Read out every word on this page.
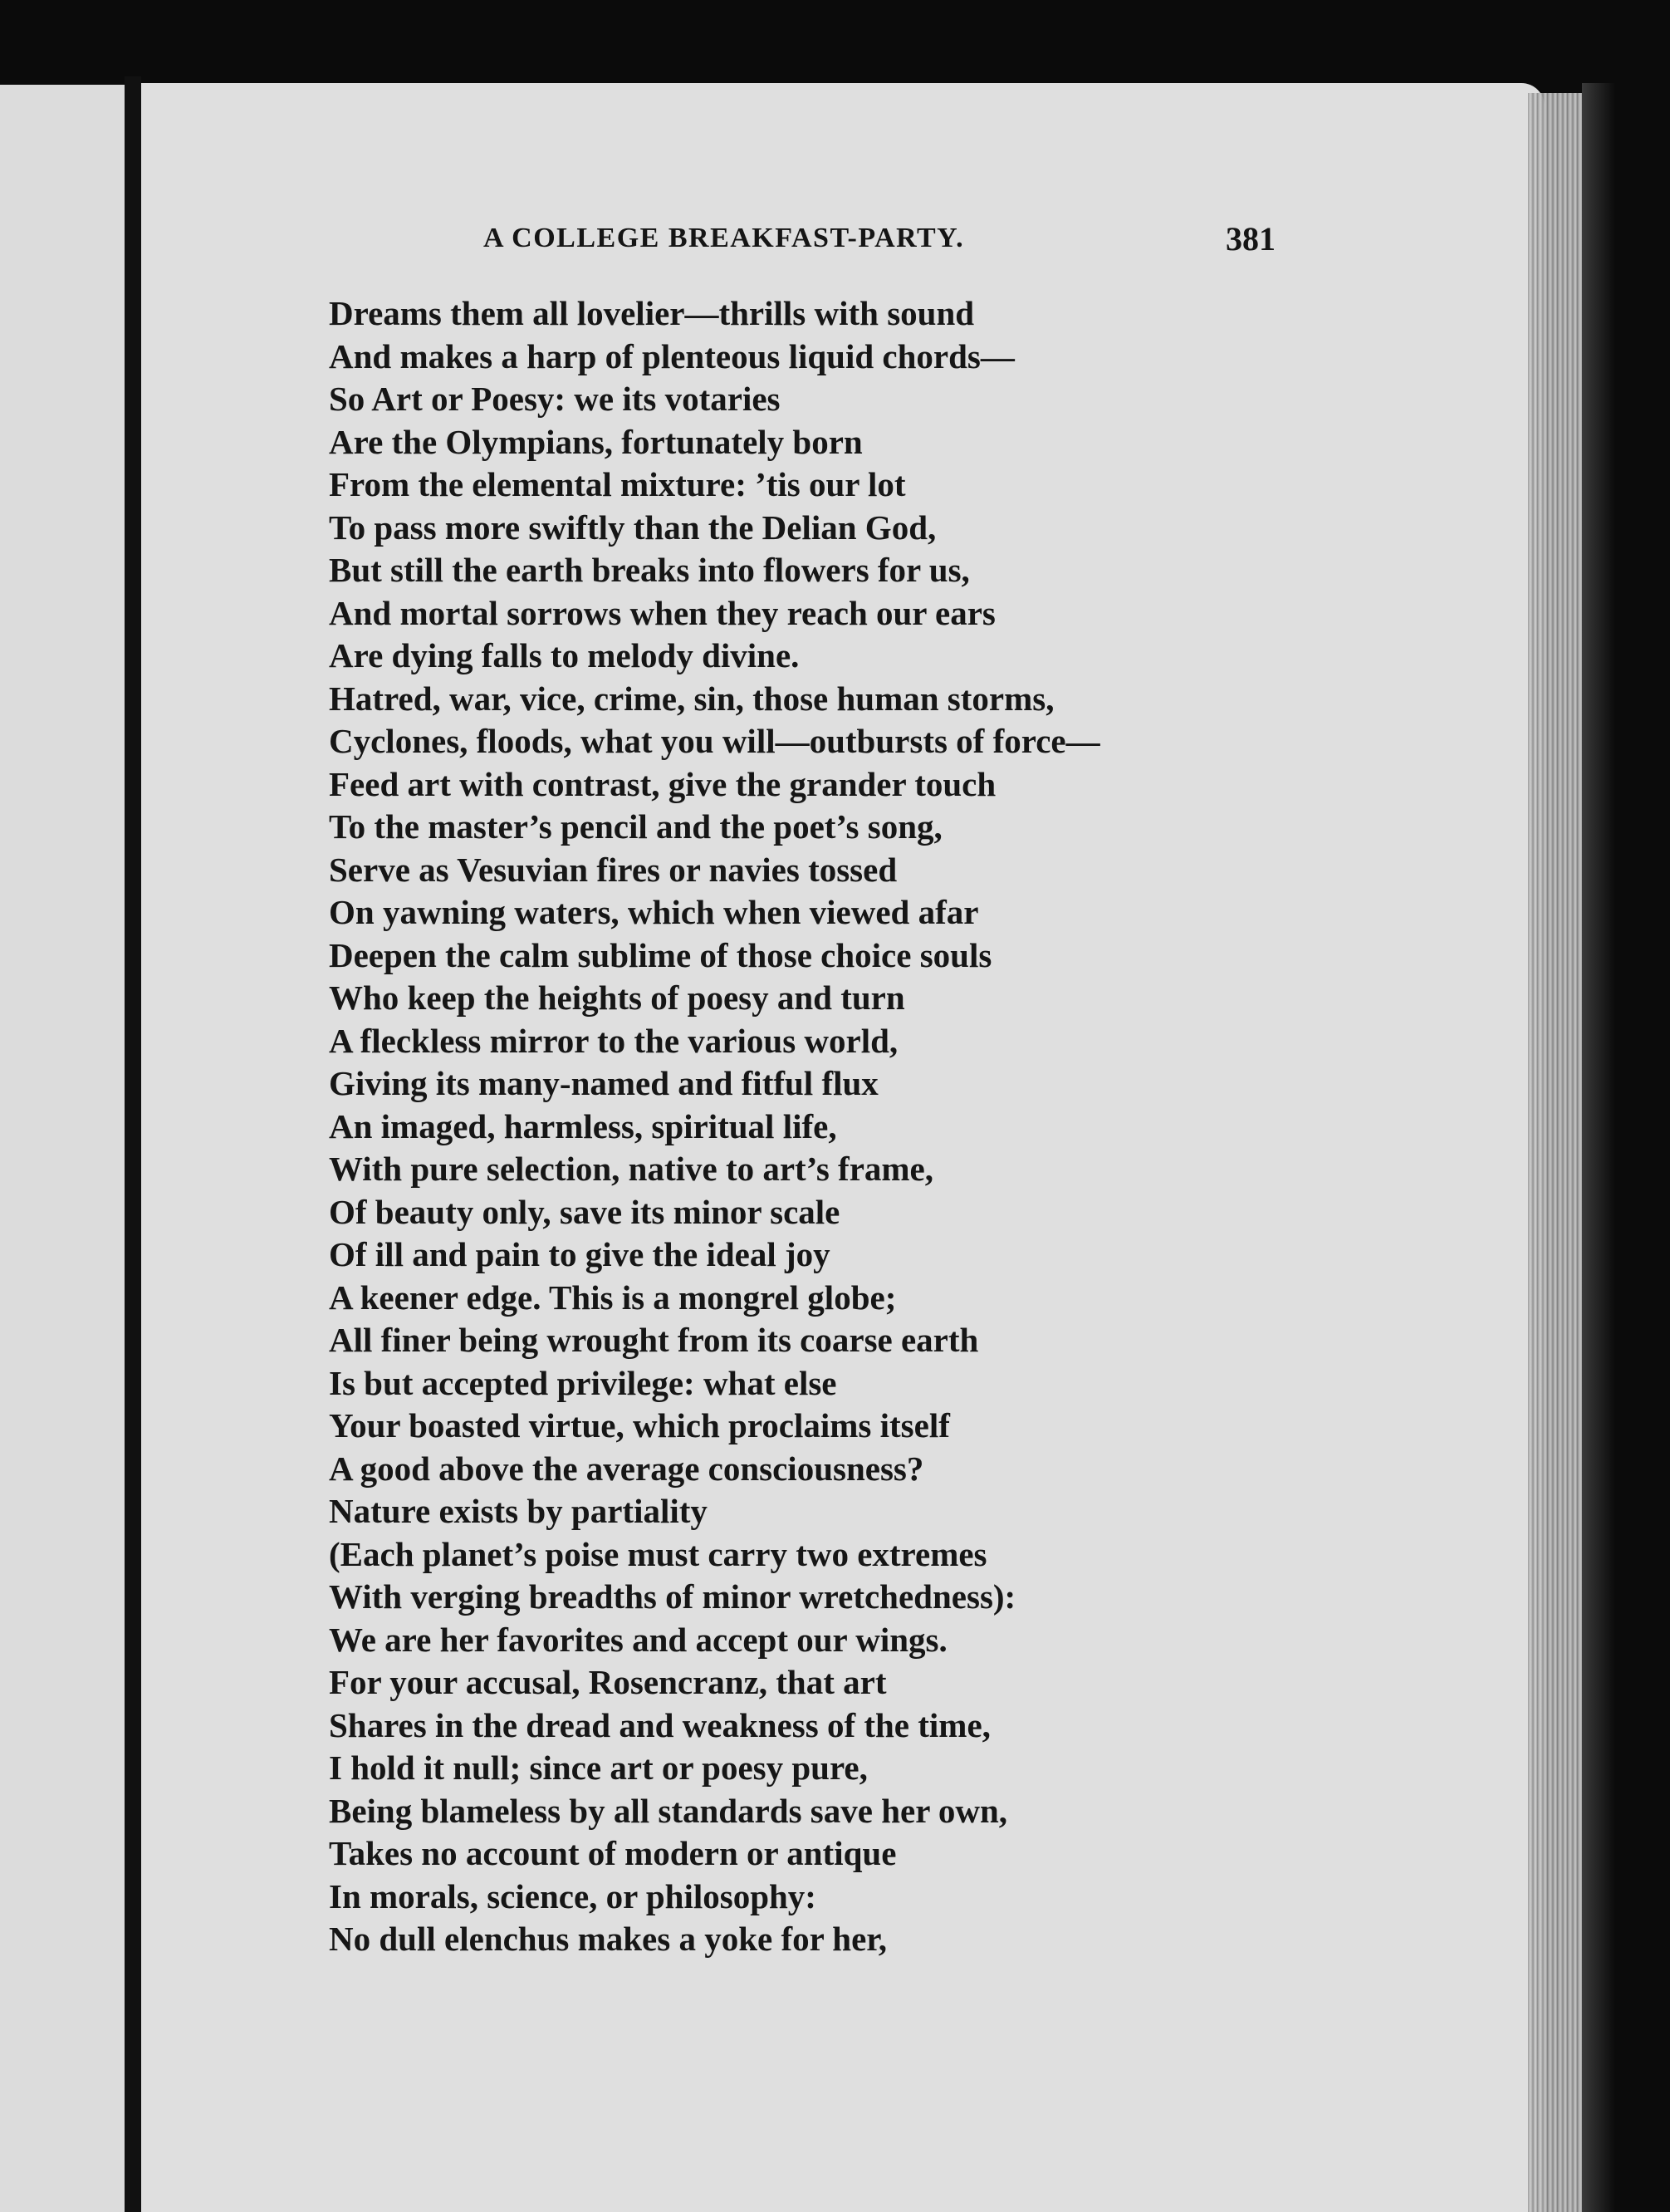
A COLLEGE BREAKFAST-PARTY.	381
Dreams them all lovelier—thrills with sound
And makes a harp of plenteous liquid chords—
So Art or Poesy: we its votaries
Are the Olympians, fortunately born
From the elemental mixture: ’tis our lot
To pass more swiftly than the Delian God,
But still the earth breaks into flowers for us,
And mortal sorrows when they reach our ears
Are dying falls to melody divine.
Hatred, war, vice, crime, sin, those human storms,
Cyclones, floods, what you will—outbursts of force—
Feed art with contrast, give the grander touch
To the master’s pencil and the poet’s song,
Serve as Vesuvian fires or navies tossed
On yawning waters, which when viewed afar
Deepen the calm sublime of those choice souls
Who keep the heights of poesy and turn
A fleckless mirror to the various world,
Giving its many-named and fitful flux
An imaged, harmless, spiritual life,
With pure selection, native to art’s frame,
Of beauty only, save its minor scale
Of ill and pain to give the ideal joy
A keener edge. This is a mongrel globe;
All finer being wrought from its coarse earth
Is but accepted privilege: what else
Your boasted virtue, which proclaims itself
A good above the average consciousness?
Nature exists by partiality
(Each planet’s poise must carry two extremes
With verging breadths of minor wretchedness):
We are her favorites and accept our wings.
For your accusal, Rosencranz, that art
Shares in the dread and weakness of the time,
I hold it null; since art or poesy pure,
Being blameless by all standards save her own,
Takes no account of modern or antique
In morals, science, or philosophy:
No dull elenchus makes a yoke for her,
